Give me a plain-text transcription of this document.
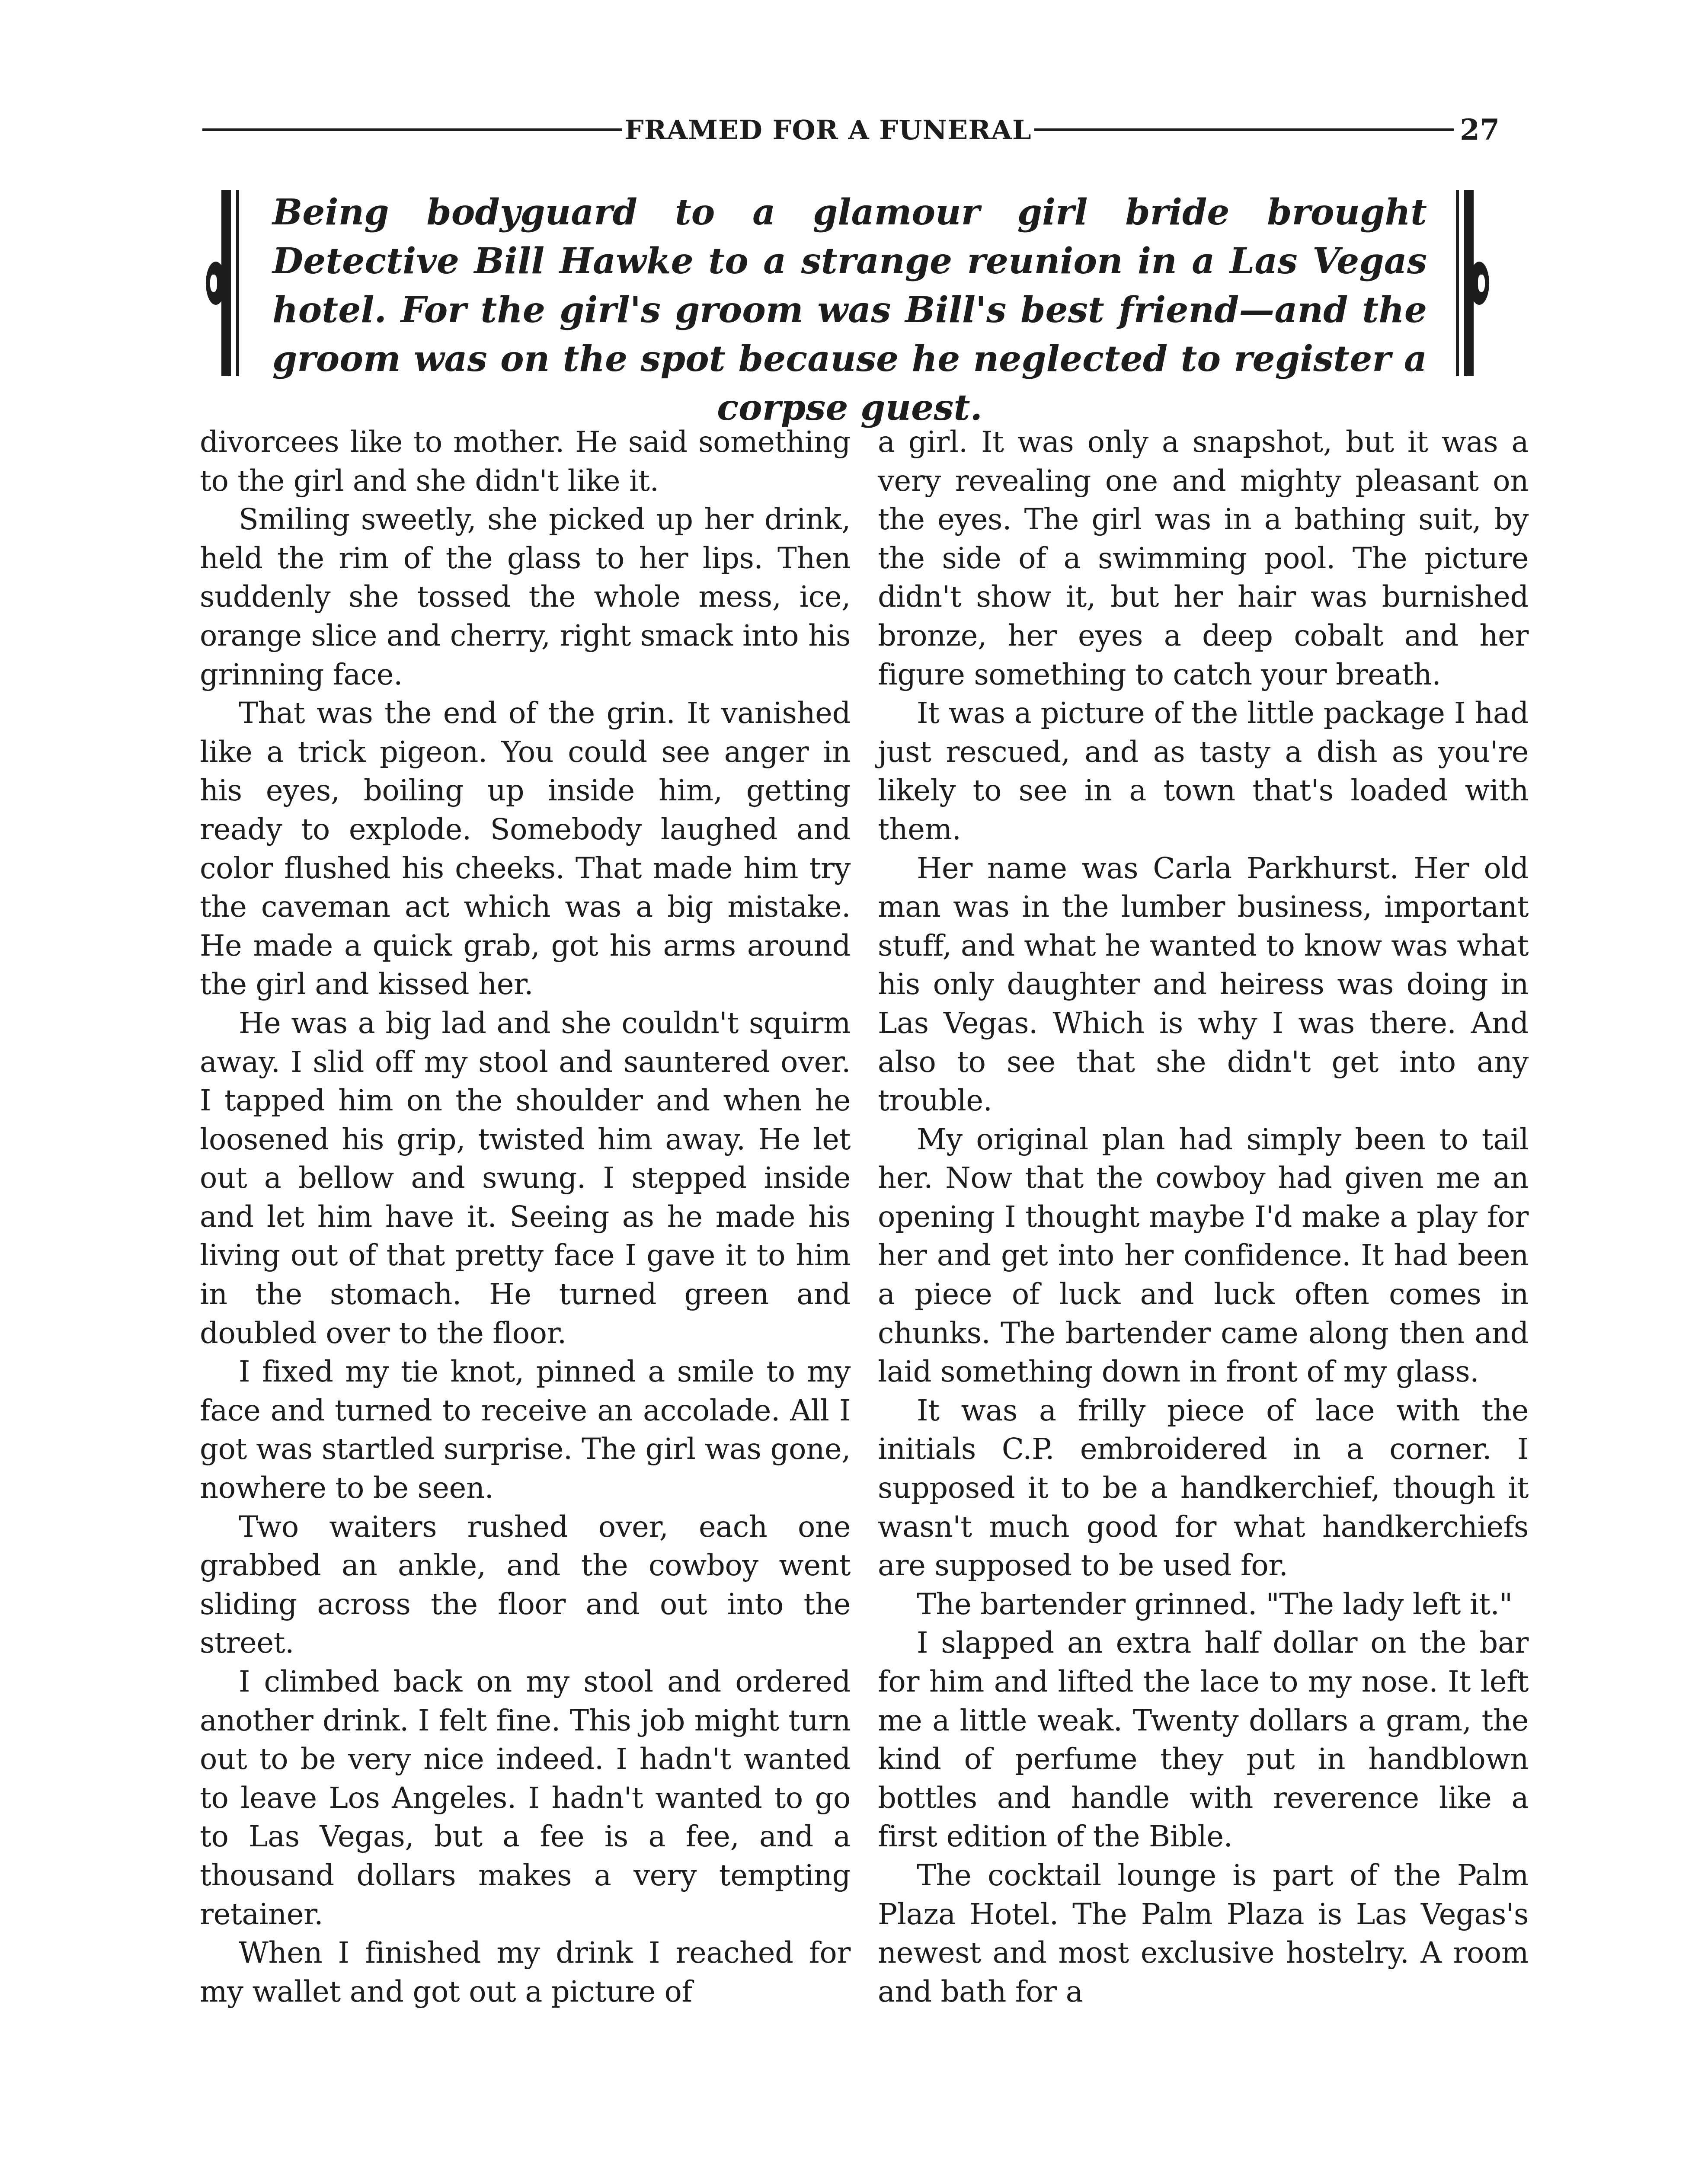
FRAMED FOR A FUNERAL	27

Being bodyguard to a glamour girl bride brought Detective Bill Hawke to a strange reunion in a Las Vegas hotel. For the girl's groom was Bill's best friend—and the groom was on the spot because he neglected to register a corpse guest.

divorcees like to mother. He said something to the girl and she didn't like it.

Smiling sweetly, she picked up her drink, held the rim of the glass to her lips. Then suddenly she tossed the whole mess, ice, orange slice and cherry, right smack into his grinning face.

That was the end of the grin. It vanished like a trick pigeon. You could see anger in his eyes, boiling up inside him, getting ready to explode. Somebody laughed and color flushed his cheeks. That made him try the caveman act which was a big mistake. He made a quick grab, got his arms around the girl and kissed her.

He was a big lad and she couldn't squirm away. I slid off my stool and sauntered over. I tapped him on the shoulder and when he loosened his grip, twisted him away. He let out a bellow and swung. I stepped inside and let him have it. Seeing as he made his living out of that pretty face I gave it to him in the stomach. He turned green and doubled over to the floor.

I fixed my tie knot, pinned a smile to my face and turned to receive an accolade. All I got was startled surprise. The girl was gone, nowhere to be seen.

Two waiters rushed over, each one grabbed an ankle, and the cowboy went sliding across the floor and out into the street.

I climbed back on my stool and ordered another drink. I felt fine. This job might turn out to be very nice indeed. I hadn't wanted to leave Los Angeles. I hadn't wanted to go to Las Vegas, but a fee is a fee, and a thousand dollars makes a very tempting retainer.

When I finished my drink I reached for my wallet and got out a picture of

a girl. It was only a snapshot, but it was a very revealing one and mighty pleasant on the eyes. The girl was in a bathing suit, by the side of a swimming pool. The picture didn't show it, but her hair was burnished bronze, her eyes a deep cobalt and her figure something to catch your breath.

It was a picture of the little package I had just rescued, and as tasty a dish as you're likely to see in a town that's loaded with them.

Her name was Carla Parkhurst. Her old man was in the lumber business, important stuff, and what he wanted to know was what his only daughter and heiress was doing in Las Vegas. Which is why I was there. And also to see that she didn't get into any trouble.

My original plan had simply been to tail her. Now that the cowboy had given me an opening I thought maybe I'd make a play for her and get into her confidence. It had been a piece of luck and luck often comes in chunks. The bartender came along then and laid something down in front of my glass.

It was a frilly piece of lace with the initials C.P. embroidered in a corner. I supposed it to be a handkerchief, though it wasn't much good for what handkerchiefs are supposed to be used for.

The bartender grinned. "The lady left it."

I slapped an extra half dollar on the bar for him and lifted the lace to my nose. It left me a little weak. Twenty dollars a gram, the kind of perfume they put in handblown bottles and handle with reverence like a first edition of the Bible.

The cocktail lounge is part of the Palm Plaza Hotel. The Palm Plaza is Las Vegas's newest and most exclusive hostelry. A room and bath for a
